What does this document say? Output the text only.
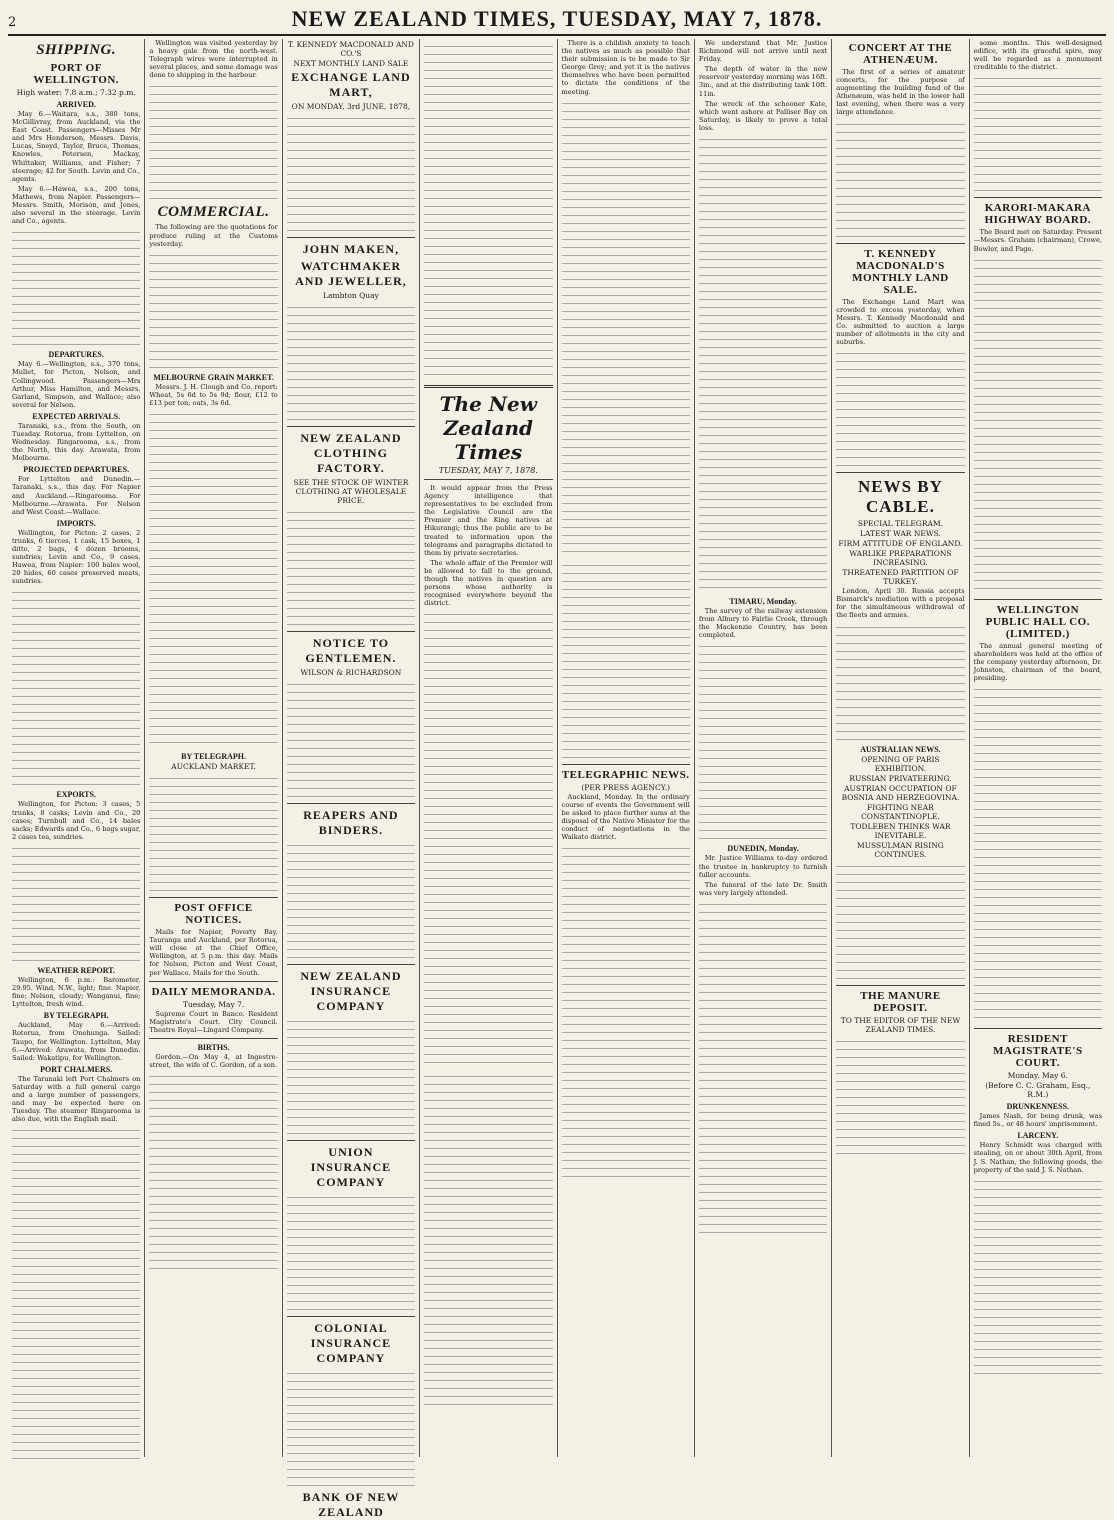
2	NEW ZEALAND TIMES, TUESDAY, MAY 7, 1878.
SHIPPING.
PORT OF WELLINGTON.
High water: 7.8 a.m.; 7.32 p.m.
ARRIVED.

May 6.—Waitara, s.s., 380 tons, McGillivray, from Auckland, via the East Coast. Passengers—Misses Mr and Mrs Henderson, Messrs. Davis, Lucas, Sneyd, Taylor, Bruce, Thomas, Knowles, Petersen, Mackay, Whittaker, Williams, and Fisher; 7 steerage; 42 for South. Levin and Co., agents.

May 6.—Hawea, s.s., 200 tons, Mathews, from Napier. Passengers—Messrs. Smith, Morison, and Jones, also several in the steerage. Levin and Co., agents.

DEPARTURES.

May 6.—Wellington, s.s., 370 tons, Mullet, for Picton, Nelson, and Collingwood. Passengers—Mrs Arthur, Miss Hamilton, and Messrs. Garland, Simpson, and Wallace; also several for Nelson.

EXPECTED ARRIVALS.

Taranaki, s.s., from the South, on Tuesday. Rotorua, from Lyttelton, on Wednesday. Ringarooma, s.s., from the North, this day. Arawata, from Melbourne.

PROJECTED DEPARTURES.

For Lyttelton and Dunedin.—Taranaki, s.s., this day. For Napier and Auckland.—Ringarooma. For Melbourne.—Arawata. For Nelson and West Coast.—Wallace.

IMPORTS.

Wellington, for Picton: 2 cases, 2 trunks, 6 tierces, 1 cask, 15 boxes, 1 ditto, 2 bags, 4 dozen brooms, sundries; Levin and Co., 9 cases. Hawea, from Napier: 100 bales wool, 20 hides, 60 cases preserved meats, sundries.

EXPORTS.

Wellington, for Picton: 3 cases, 5 trunks, 8 casks; Levin and Co., 20 cases; Turnbull and Co., 14 bales sacks; Edwards and Co., 6 bags sugar, 2 cases tea, sundries.

WEATHER REPORT.

Wellington, 6 p.m.: Barometer, 29.95. Wind, N.W., light; fine. Napier, fine; Nelson, cloudy; Wanganui, fine; Lyttelton, fresh wind.

BY TELEGRAPH.

Auckland, May 6.—Arrived: Rotorua, from Onehunga. Sailed: Taupo, for Wellington. Lyttelton, May 6.—Arrived: Arawata, from Dunedin. Sailed: Wakatipu, for Wellington.

PORT CHALMERS.

The Taranaki left Port Chalmers on Saturday with a full general cargo and a large number of passengers, and may be expected here on Tuesday. The steamer Ringarooma is also due, with the English mail.

Wellington was visited yesterday by a heavy gale from the north-west. Telegraph wires were interrupted in several places, and some damage was done to shipping in the harbour.

COMMERCIAL.

The following are the quotations for produce ruling at the Customs yesterday.

MELBOURNE GRAIN MARKET.

Messrs. J. H. Clough and Co. report: Wheat, 5s 6d to 5s 9d; flour, £12 to £13 per ton; oats, 3s 6d.

BY TELEGRAPH.
AUCKLAND MARKET.
POST OFFICE NOTICES.

Mails for Napier, Poverty Bay, Tauranga and Auckland, per Rotorua, will close at the Chief Office, Wellington, at 5 p.m. this day. Mails for Nelson, Picton and West Coast, per Wallace. Mails for the South.

DAILY MEMORANDA.
Tuesday, May 7.

Supreme Court in Banco. Resident Magistrate's Court. City Council. Theatre Royal—Lingard Company.

BIRTHS.

Gordon.—On May 4, at Ingestre-street, the wife of C. Gordon, of a son.

T. KENNEDY MACDONALD AND CO.'S
NEXT MONTHLY LAND SALE
EXCHANGE LAND MART,
ON MONDAY, 3rd JUNE, 1878,
JOHN MAKEN,
WATCHMAKER AND JEWELLER,
Lambton Quay
NEW ZEALAND CLOTHING FACTORY.
SEE THE STOCK OF WINTER CLOTHING AT WHOLESALE PRICE.
NOTICE TO GENTLEMEN.
WILSON & RICHARDSON
REAPERS AND BINDERS.
NEW ZEALAND INSURANCE COMPANY
UNION INSURANCE COMPANY
COLONIAL INSURANCE COMPANY
BANK OF NEW ZEALAND
The New Zealand Times
TUESDAY, MAY 7, 1878.

It would appear from the Press Agency intelligence that representatives to be excluded from the Legislative Council are the Premier and the King natives at Hikurangi; thus the public are to be treated to information upon the telegrams and paragraphs dictated to them by private secretaries.

The whole affair of the Premier will be allowed to fall to the ground, though the natives in question are persons whose authority is recognised everywhere beyond the district.

There is a childish anxiety to teach the natives as much as possible that their submission is to be made to Sir George Grey; and yet it is the natives themselves who have been permitted to dictate the conditions of the meeting.

TELEGRAPHIC NEWS.
(PER PRESS AGENCY.)

Auckland, Monday. In the ordinary course of events the Government will be asked to place further sums at the disposal of the Native Minister for the conduct of negotiations in the Waikato district.

We understand that Mr. Justice Richmond will not arrive until next Friday.

The depth of water in the new reservoir yesterday morning was 16ft. 3in., and at the distributing tank 10ft. 11in.

The wreck of the schooner Kate, which went ashore at Palliser Bay on Saturday, is likely to prove a total loss.

TIMARU, Monday.

The survey of the railway extension from Albury to Fairlie Creek, through the Mackenzie Country, has been completed.

DUNEDIN, Monday.

Mr. Justice Williams to-day ordered the trustee in bankruptcy to furnish fuller accounts.

The funeral of the late Dr. Smith was very largely attended.

CONCERT AT THE ATHENÆUM.

The first of a series of amateur concerts, for the purpose of augmenting the building fund of the Athenæum, was held in the lower hall last evening, when there was a very large attendance.

T. KENNEDY MACDONALD'S MONTHLY LAND SALE.

The Exchange Land Mart was crowded to excess yesterday, when Messrs. T. Kennedy Macdonald and Co. submitted to auction a large number of allotments in the city and suburbs.

NEWS BY CABLE.
SPECIAL TELEGRAM.
LATEST WAR NEWS.
FIRM ATTITUDE OF ENGLAND.
WARLIKE PREPARATIONS INCREASING.
THREATENED PARTITION OF TURKEY.

London, April 30. Russia accepts Bismarck's mediation with a proposal for the simultaneous withdrawal of the fleets and armies.

AUSTRALIAN NEWS.
OPENING OF PARIS EXHIBITION.
RUSSIAN PRIVATEERING.
AUSTRIAN OCCUPATION OF BOSNIA AND HERZEGOVINA.
FIGHTING NEAR CONSTANTINOPLE.
TODLEBEN THINKS WAR INEVITABLE.
MUSSULMAN RISING CONTINUES.
THE MANURE DEPOSIT.
TO THE EDITOR OF THE NEW ZEALAND TIMES.

some months. This well-designed edifice, with its graceful spire, may well be regarded as a monument creditable to the district.

KARORI-MAKARA HIGHWAY BOARD.

The Board met on Saturday. Present—Messrs. Graham (chairman), Crowe, Bowler, and Page.

WELLINGTON PUBLIC HALL CO. (LIMITED.)

The annual general meeting of shareholders was held at the office of the company yesterday afternoon, Dr. Johnston, chairman of the board, presiding.

RESIDENT MAGISTRATE'S COURT.
Monday, May 6.
(Before C. C. Graham, Esq., R.M.)
DRUNKENNESS.

James Nash, for being drunk, was fined 5s., or 48 hours' imprisonment.

LARCENY.

Henry Schmidt was charged with stealing, on or about 30th April, from J. S. Nathan, the following goods, the property of the said J. S. Nathan.
